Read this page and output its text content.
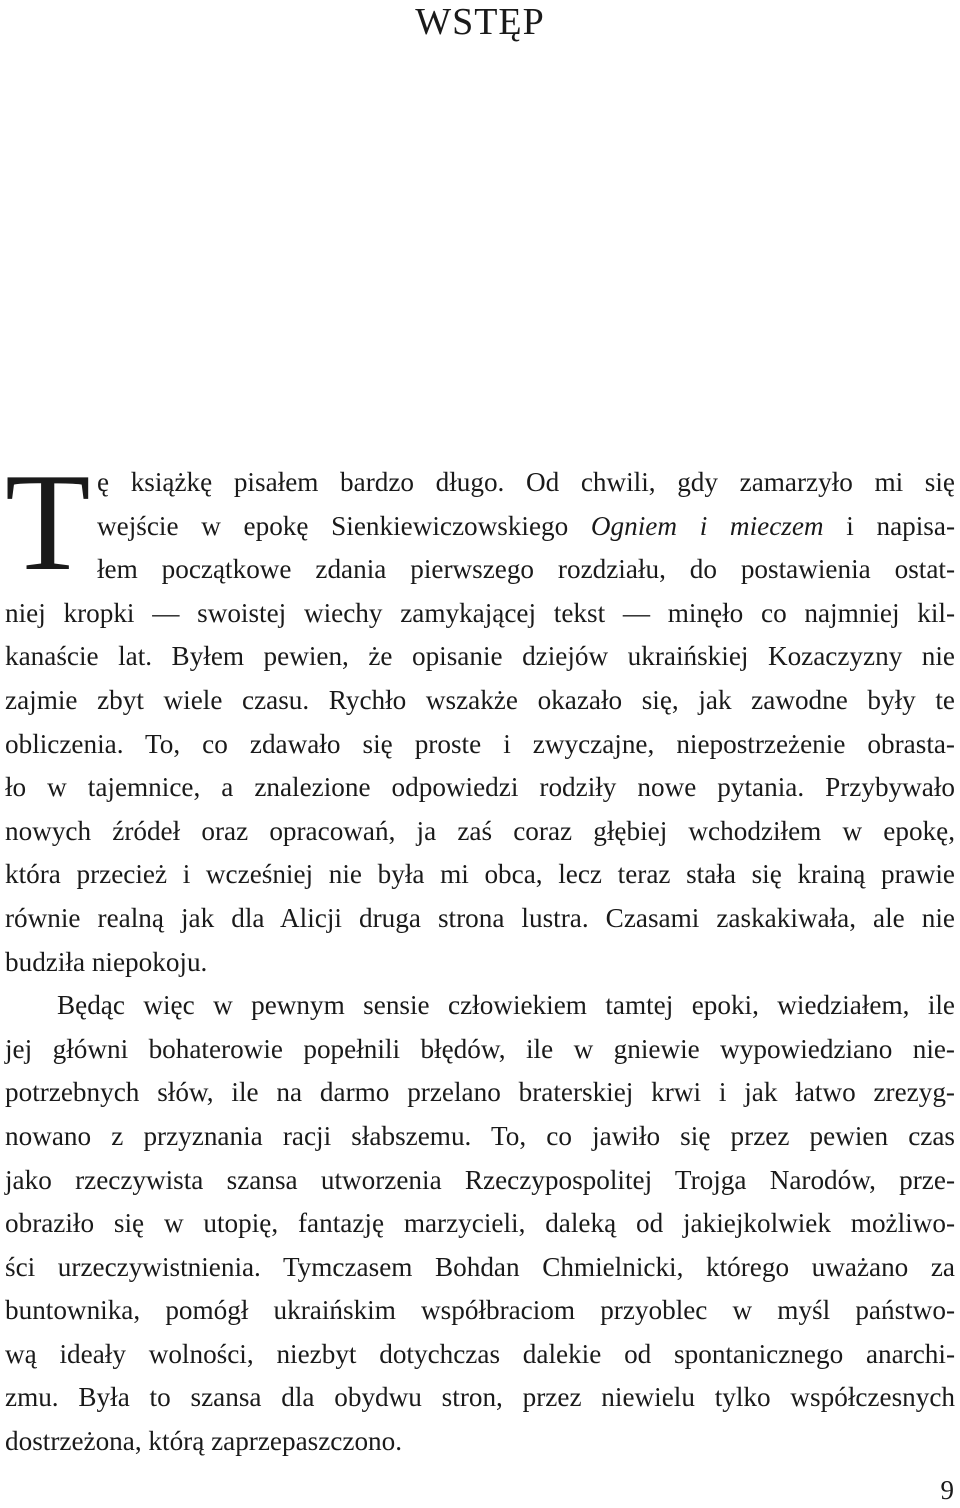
WSTĘP
T ę książkę pisałem bardzo długo. Od chwili, gdy zamarzyło mi się
wejście w epokę Sienkiewiczowskiego Ogniem i mieczem i napisa-
łem początkowe zdania pierwszego rozdziału, do postawienia ostat-
niej kropki — swoistej wiechy zamykającej tekst — minęło co najmniej kil-
kanaście lat. Byłem pewien, że opisanie dziejów ukraińskiej Kozaczyzny nie
zajmie zbyt wiele czasu. Rychło wszakże okazało się, jak zawodne były te
obliczenia. To, co zdawało się proste i zwyczajne, niepostrzeżenie obrasta-
ło w tajemnice, a znalezione odpowiedzi rodziły nowe pytania. Przybywało
nowych źródeł oraz opracowań, ja zaś coraz głębiej wchodziłem w epokę,
która przecież i wcześniej nie była mi obca, lecz teraz stała się krainą prawie
równie realną jak dla Alicji druga strona lustra. Czasami zaskakiwała, ale nie
budziła niepokoju.
Będąc więc w pewnym sensie człowiekiem tamtej epoki, wiedziałem, ile
jej główni bohaterowie popełnili błędów, ile w gniewie wypowiedziano nie-
potrzebnych słów, ile na darmo przelano braterskiej krwi i jak łatwo zrezyg-
nowano z przyznania racji słabszemu. To, co jawiło się przez pewien czas
jako rzeczywista szansa utworzenia Rzeczypospolitej Trojga Narodów, prze-
obraziło się w utopię, fantazję marzycieli, daleką od jakiejkolwiek możliwo-
ści urzeczywistnienia. Tymczasem Bohdan Chmielnicki, którego uważano za
buntownika, pomógł ukraińskim współbraciom przyoblec w myśl państwo-
wą ideały wolności, niezbyt dotychczas dalekie od spontanicznego anarchi-
zmu. Była to szansa dla obydwu stron, przez niewielu tylko współczesnych
dostrzeżona, którą zaprzepaszczono.
9
